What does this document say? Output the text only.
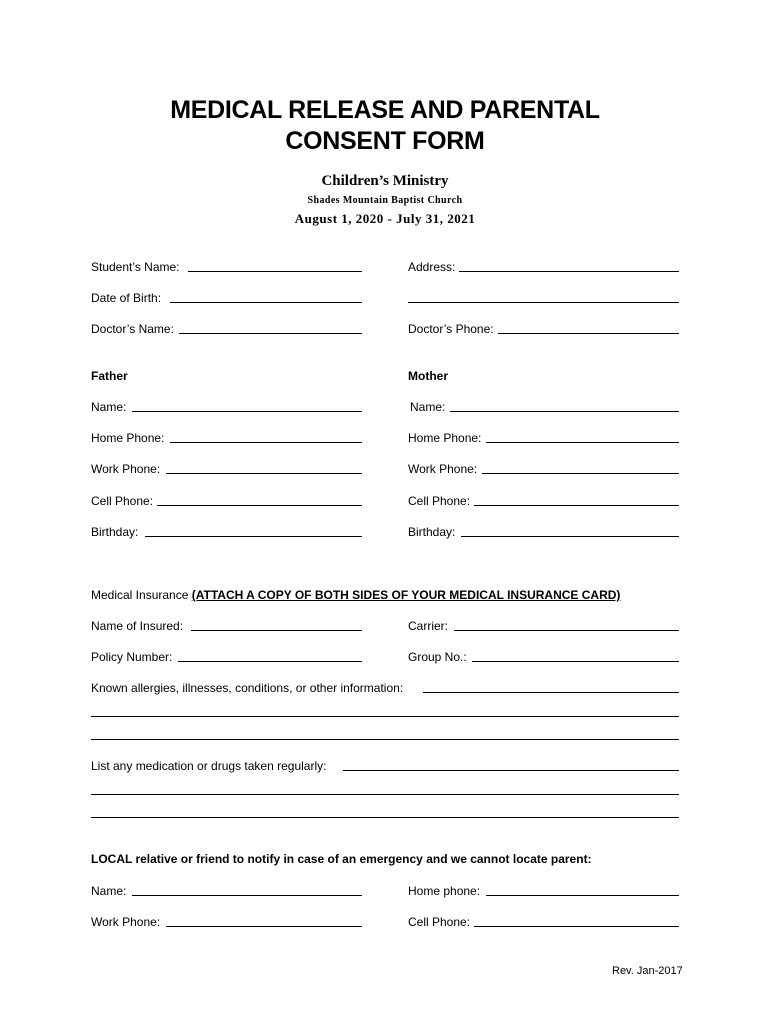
MEDICAL RELEASE AND PARENTAL
CONSENT FORM
Children’s Ministry
Shades Mountain Baptist Church
August 1, 2020 - July 31, 2021
Student’s Name:	Address:
Date of Birth:
Doctor’s Name:	Doctor’s Phone:
Father	Mother
Name:	Name:
Home Phone:	Home Phone:
Work Phone:	Work Phone:
Cell Phone:	Cell Phone:
Birthday:	Birthday:
Medical Insurance (ATTACH A COPY OF BOTH SIDES OF YOUR MEDICAL INSURANCE CARD)
Name of Insured:	Carrier:
Policy Number:	Group No.:
Known allergies, illnesses, conditions, or other information:
List any medication or drugs taken regularly:
LOCAL relative or friend to notify in case of an emergency and we cannot locate parent:
Name:	Home phone:
Work Phone:	Cell Phone:
Rev. Jan-2017
